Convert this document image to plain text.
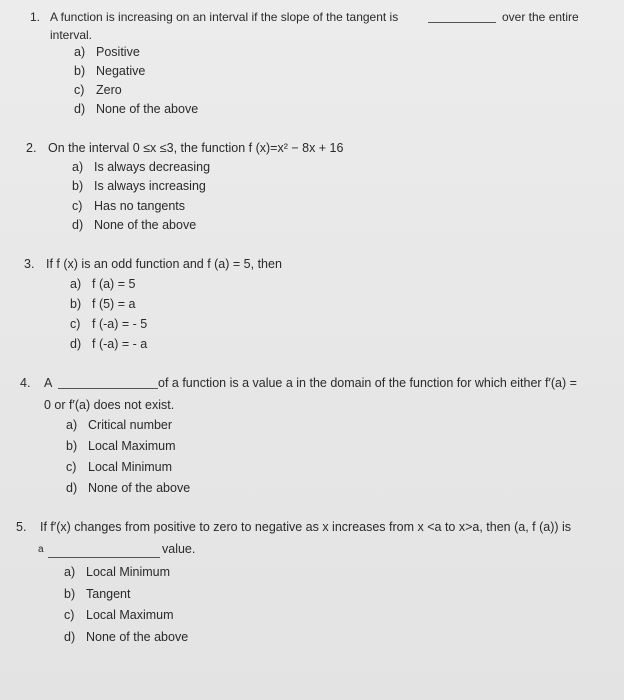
1. A function is increasing on an interval if the slope of the tangent is	over the entire
interval.
a) Positive
b) Negative
c) Zero
d) None of the above
2. On the interval 0 ≤x ≤3, the function f (x)=x² − 8x + 16
a) Is always decreasing
b) Is always increasing
c) Has no tangents
d) None of the above
3. If f (x) is an odd function and f (a) = 5, then
a) f (a) = 5
b) f (5) = a
c) f (-a) = - 5
d) f (-a) = - a
4. A	of a function is a value a in the domain of the function for which either f′(a) =
0 or f′(a) does not exist.
a) Critical number
b) Local Maximum
c) Local Minimum
d) None of the above
5. If f′(x) changes from positive to zero to negative as x increases from x <a to x>a, then (a, f (a)) is
a	value.
a) Local Minimum
b) Tangent
c) Local Maximum
d) None of the above
